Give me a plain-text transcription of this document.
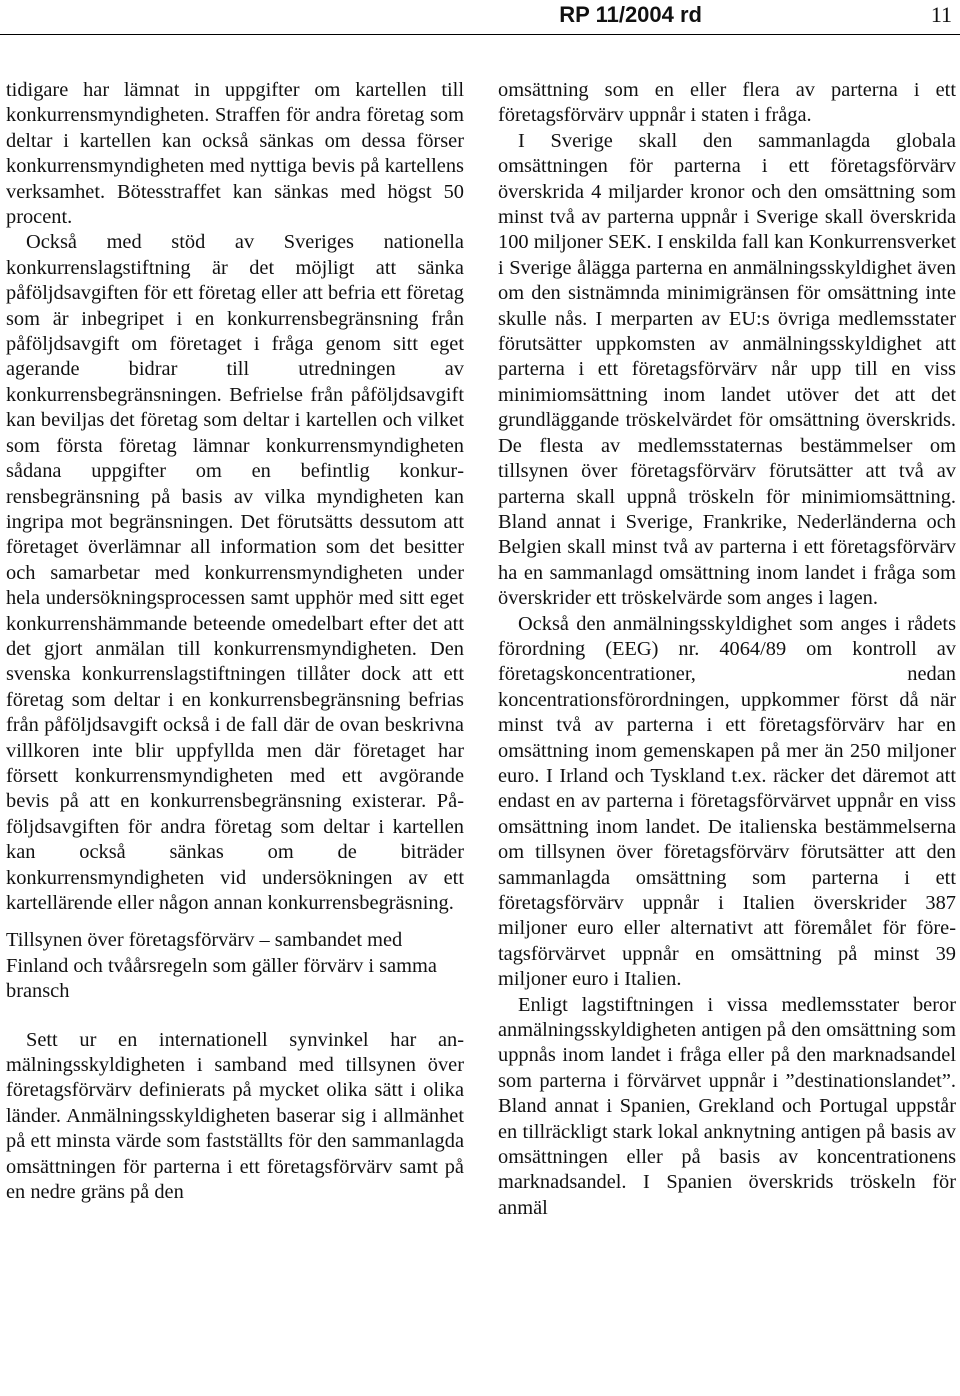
RP 11/2004 rd	11

tidigare har lämnat in uppgifter om kartellen till konkurrensmyndigheten. Straffen för andra företag som deltar i kartellen kan också sänkas om dessa förser konkurrensmyndigheten med nyttiga bevis på kartellens verksamhet. Bötesstraffet kan sänkas med högst 50 procent.

Också med stöd av Sveriges nationella konkurrenslagstiftning är det möjligt att sänka påföljdsavgiften för ett företag eller att befria ett företag som är inbegripet i en konkurrensbegränsning från påföljdsavgift om företaget i fråga genom sitt eget agerande bidrar till utredningen av konkurrensbegränsningen. Befrielse från påföljdsavgift kan beviljas det företag som deltar i kartellen och vilket som första företag lämnar konkurrensmyndigheten sådana uppgifter om en befintlig konkurrensbegränsning på basis av vilka myndigheten kan ingripa mot begränsningen. Det förutsätts dessutom att företaget överlämnar all information som det besitter och samarbetar med konkurrensmyndigheten under hela undersökningsprocessen samt upphör med sitt eget konkurrenshämmande beteende omedelbart efter det att det gjort anmälan till konkurrensmyndigheten. Den svenska konkurrenslagstiftningen tillåter dock att ett företag som deltar i en konkurrensbegränsning befrias från påföljdsavgift också i de fall där de ovan beskrivna villkoren inte blir uppfyllda men där företaget har försett konkurrensmyndigheten med ett avgörande bevis på att en konkurrensbegränsning existerar. Påföljdsavgiften för andra företag som deltar i kartellen kan också sänkas om de biträder konkurrensmyndigheten vid undersökningen av ett kartellärende eller någon annan konkurrensbegräsning.

Tillsynen över företagsförvärv – sambandet med Finland och tvåårsregeln som gäller förvärv i samma bransch

Sett ur en internationell synvinkel har anmälningsskyldigheten i samband med tillsynen över företagsförvärv definierats på mycket olika sätt i olika länder. Anmälningsskyldigheten baserar sig i allmänhet på ett minsta värde som fastställts för den sammanlagda omsättningen för parterna i ett företagsförvärv samt på en nedre gräns på den

omsättning som en eller flera av parterna i ett företagsförvärv uppnår i staten i fråga.

I Sverige skall den sammanlagda globala omsättningen för parterna i ett företagsförvärv överskrida 4 miljarder kronor och den omsättning som minst två av parterna uppnår i Sverige skall överskrida 100 miljoner SEK. I enskilda fall kan Konkurrensverket i Sverige ålägga parterna en anmälningsskyldighet även om den sistnämnda minimigränsen för omsättning inte skulle nås. I merparten av EU:s övriga medlemsstater förutsätter uppkomsten av anmälningsskyldighet att parterna i ett företagsförvärv når upp till en viss minimiomsättning inom landet utöver det att det grundläggande tröskelvärdet för omsättning överskrids. De flesta av medlemsstaternas bestämmelser om tillsynen över företagsförvärv förutsätter att två av parterna skall uppnå tröskeln för minimiomsättning. Bland annat i Sverige, Frankrike, Nederländerna och Belgien skall minst två av parterna i ett företagsförvärv ha en sammanlagd omsättning inom landet i fråga som överskrider ett tröskelvärde som anges i lagen.

Också den anmälningsskyldighet som anges i rådets förordning (EEG) nr. 4064/89 om kontroll av företagskoncentrationer, nedan koncentrationsförordningen, uppkommer först då när minst två av parterna i ett företagsförvärv har en omsättning inom gemenskapen på mer än 250 miljoner euro. I Irland och Tyskland t.ex. räcker det däremot att endast en av parterna i företagsförvärvet uppnår en viss omsättning inom landet. De italienska bestämmelserna om tillsynen över företagsförvärv förutsätter att den sammanlagda omsättning som parterna i ett företagsförvärv uppnår i Italien överskrider 387 miljoner euro eller alternativt att föremålet för företagsförvärvet uppnår en omsättning på minst 39 miljoner euro i Italien.

Enligt lagstiftningen i vissa medlemsstater beror anmälningsskyldigheten antigen på den omsättning som uppnås inom landet i fråga eller på den marknadsandel som parterna i förvärvet uppnår i ”destinationslandet”. Bland annat i Spanien, Grekland och Portugal uppstår en tillräckligt stark lokal anknytning antigen på basis av omsättningen eller på basis av koncentrationens marknadsandel. I Spanien överskrids tröskeln för anmäl
